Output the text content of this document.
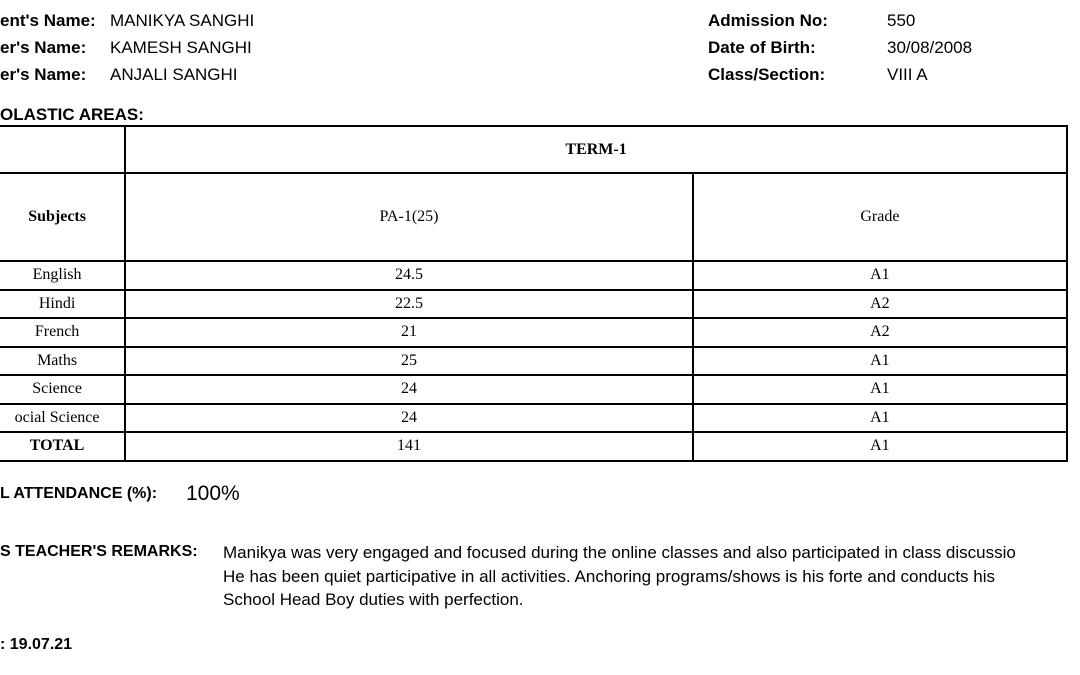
ent's Name: MANIKYA SANGHI
er's Name: KAMESH SANGHI
er's Name: ANJALI SANGHI
Admission No:	550
Date of Birth:	30/08/2008
Class/Section:	VIII A
OLASTIC AREAS:
	TERM-1	
Subjects	PA-1(25)	Grade
English	24.5	A1
Hindi	22.5	A2
French	21	A2
Maths	25	A1
Science	24	A1
ocial Science	24	A1
TOTAL	141	A1
L ATTENDANCE (%): 100%
S TEACHER'S REMARKS: Manikya was very engaged and focused during the online classes and also participated in class discussio
He has been quiet participative in all activities. Anchoring programs/shows is his forte and conducts his
School Head Boy duties with perfection.
: 19.07.21
